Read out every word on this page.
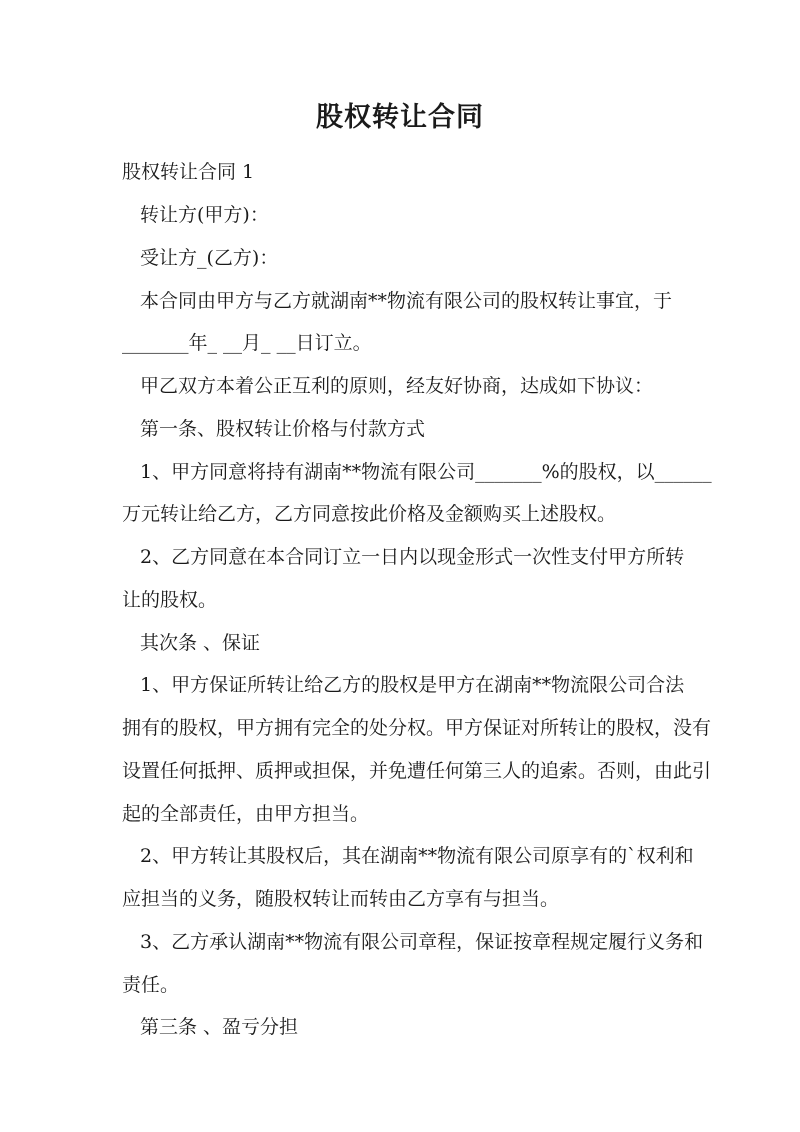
股权转让合同

股权转让合同 1

转让方(甲方)：

受让方_(乙方)：

本合同由甲方与乙方就湖南**物流有限公司的股权转让事宜，于

_______年_ __月_ __日订立。

甲乙双方本着公正互利的原则，经友好协商，达成如下协议：

第一条、股权转让价格与付款方式

1、甲方同意将持有湖南**物流有限公司_______%的股权，以______

万元转让给乙方，乙方同意按此价格及金额购买上述股权。

2、乙方同意在本合同订立一日内以现金形式一次性支付甲方所转

让的股权。

其次条 、保证

1、甲方保证所转让给乙方的股权是甲方在湖南**物流限公司合法

拥有的股权，甲方拥有完全的处分权。甲方保证对所转让的股权，没有

设置任何抵押、质押或担保，并免遭任何第三人的追索。否则，由此引

起的全部责任，由甲方担当。

2、甲方转让其股权后，其在湖南**物流有限公司原享有的`权利和

应担当的义务，随股权转让而转由乙方享有与担当。

3、乙方承认湖南**物流有限公司章程，保证按章程规定履行义务和

责任。

第三条 、盈亏分担
